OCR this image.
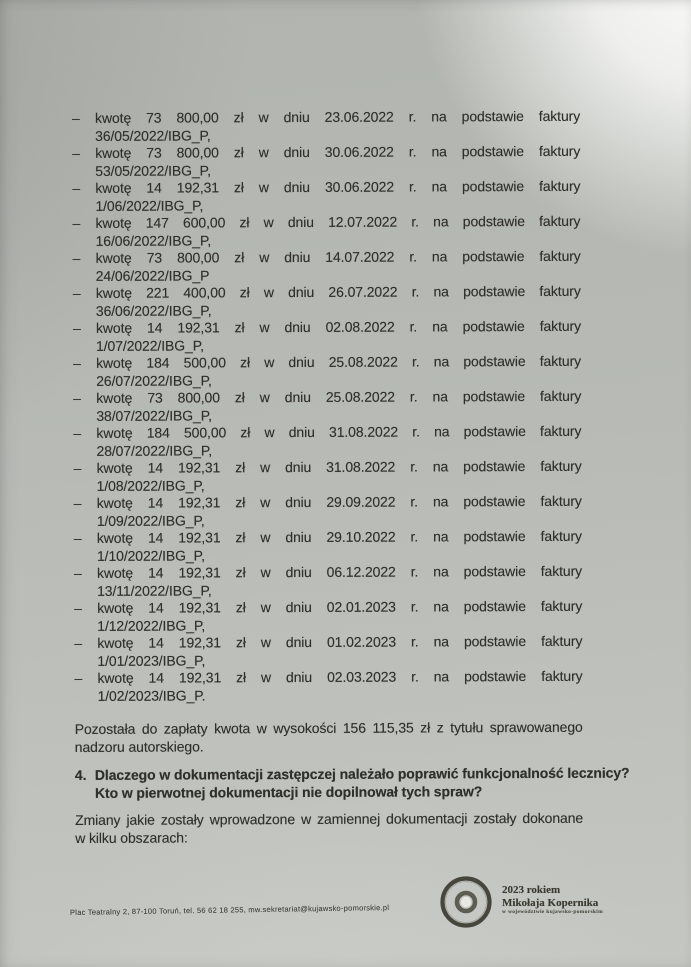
–	kwotę 73 800,00 zł w dniu 23.06.2022 r. na podstawie faktury
36/05/2022/IBG_P,
–	kwotę 73 800,00 zł w dniu 30.06.2022 r. na podstawie faktury
53/05/2022/IBG_P,
–	kwotę 14 192,31 zł w dniu 30.06.2022 r. na podstawie faktury
1/06/2022/IBG_P,
–	kwotę 147 600,00 zł w dniu 12.07.2022 r. na podstawie faktury
16/06/2022/IBG_P,
–	kwotę 73 800,00 zł w dniu 14.07.2022 r. na podstawie faktury
24/06/2022/IBG_P
–	kwotę 221 400,00 zł w dniu 26.07.2022 r. na podstawie faktury
36/06/2022/IBG_P,
–	kwotę 14 192,31 zł w dniu 02.08.2022 r. na podstawie faktury
1/07/2022/IBG_P,
–	kwotę 184 500,00 zł w dniu 25.08.2022 r. na podstawie faktury
26/07/2022/IBG_P,
–	kwotę 73 800,00 zł w dniu 25.08.2022 r. na podstawie faktury
38/07/2022/IBG_P,
–	kwotę 184 500,00 zł w dniu 31.08.2022 r. na podstawie faktury
28/07/2022/IBG_P,
–	kwotę 14 192,31 zł w dniu 31.08.2022 r. na podstawie faktury
1/08/2022/IBG_P,
–	kwotę 14 192,31 zł w dniu 29.09.2022 r. na podstawie faktury
1/09/2022/IBG_P,
–	kwotę 14 192,31 zł w dniu 29.10.2022 r. na podstawie faktury
1/10/2022/IBG_P,
–	kwotę 14 192,31 zł w dniu 06.12.2022 r. na podstawie faktury
13/11/2022/IBG_P,
–	kwotę 14 192,31 zł w dniu 02.01.2023 r. na podstawie faktury
1/12/2022/IBG_P,
–	kwotę 14 192,31 zł w dniu 01.02.2023 r. na podstawie faktury
1/01/2023/IBG_P,
–	kwotę 14 192,31 zł w dniu 02.03.2023 r. na podstawie faktury
1/02/2023/IBG_P.
Pozostała do zapłaty kwota w wysokości 156 115,35 zł z tytułu sprawowanego
nadzoru autorskiego.
4. Dlaczego w dokumentacji zastępczej należało poprawić funkcjonalność lecznicy?
Kto w pierwotnej dokumentacji nie dopilnował tych spraw?
Zmiany jakie zostały wprowadzone w zamiennej dokumentacji zostały dokonane
w kilku obszarach:
Plac Teatralny 2, 87-100 Toruń, tel. 56 62 18 255, mw.sekretariat@kujawsko-pomorskie.pl
2023 rokiem
Mikołaja Kopernika
w województwie kujawsko-pomorskim
